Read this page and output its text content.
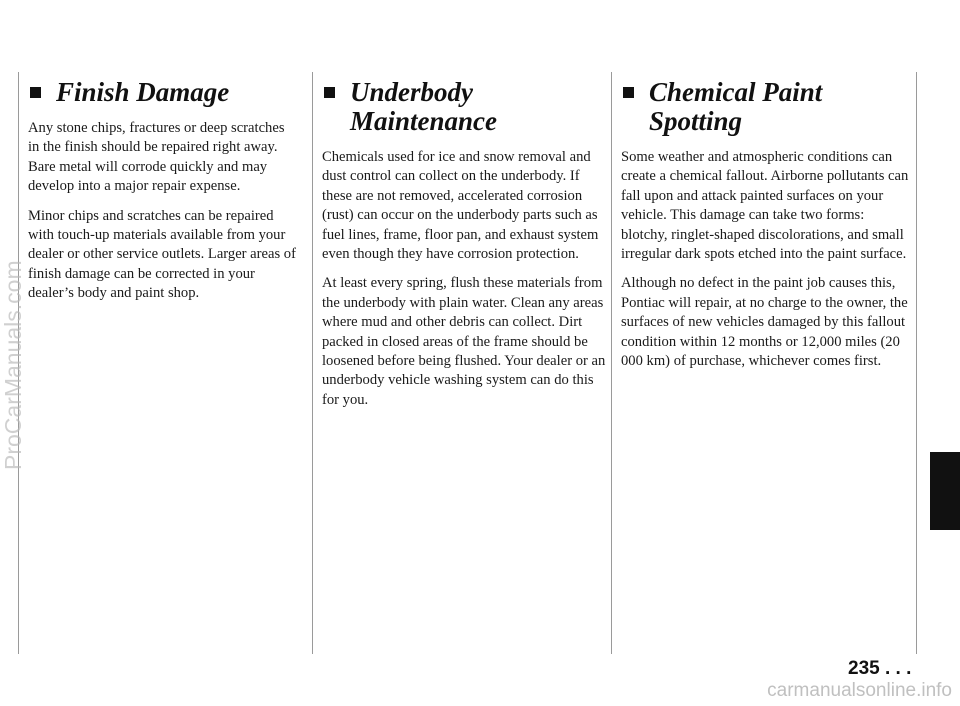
Finish Damage

Any stone chips, fractures or deep scratches in the finish should be repaired right away. Bare metal will corrode quickly and may develop into a major repair expense.

Minor chips and scratches can be repaired with touch-up materials available from your dealer or other service outlets. Larger areas of finish damage can be corrected in your dealer’s body and paint shop.

Underbody Maintenance

Chemicals used for ice and snow removal and dust control can collect on the underbody. If these are not removed, accelerated corrosion (rust) can occur on the underbody parts such as fuel lines, frame, floor pan, and exhaust system even though they have corrosion protection.

At least every spring, flush these materials from the underbody with plain water. Clean any areas where mud and other debris can collect. Dirt packed in closed areas of the frame should be loosened before being flushed. Your dealer or an underbody vehicle washing system can do this for you.

Chemical Paint Spotting

Some weather and atmospheric conditions can create a chemical fallout. Airborne pollutants can fall upon and attack painted surfaces on your vehicle. This damage can take two forms: blotchy, ringlet-shaped discolorations, and small irregular dark spots etched into the paint surface.

Although no defect in the paint job causes this, Pontiac will repair, at no charge to the owner, the surfaces of new vehicles damaged by this fallout condition within 12 months or 12,000 miles (20 000 km) of purchase, whichever comes first.

235 . . .
ProCarManuals.com
carmanualsonline.info
